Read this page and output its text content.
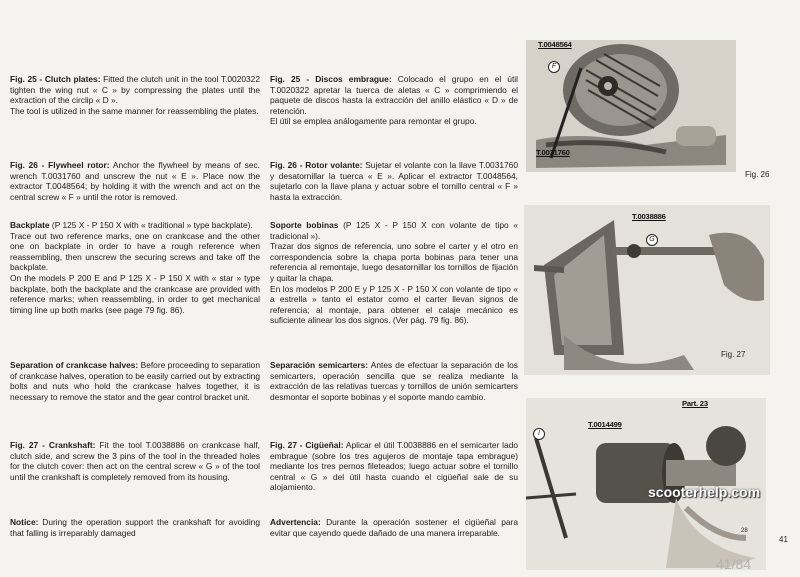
Fig. 25 - Clutch plates: Fitted the clutch unit in the tool T.0020322 tighten the wing nut « C » by compressing the plates until the extraction of the circlip « D ».
The tool is utilized in the same manner for reassembling the plates.

Fig. 26 - Flywheel rotor: Anchor the flywheel by means of sec. wrench T.0031760 and unscrew the nut « E ». Place now the extractor T.0048564; by holding it with the wrench and act on the central screw « F » until the rotor is removed.

Backplate (P 125 X - P 150 X with « traditional » type backplate).
Trace out two reference marks, one on crankcase and the other one on backplate in order to have a rough reference when reassembling, then unscrew the securing screws and take off the backplate.
On the models P 200 E and P 125 X - P 150 X with « star » type backplate, both the backplate and the crankcase are provided with reference marks; when reassembling, in order to get mechanical timing line up both marks (see page 79 fig. 86).

Separation of crankcase halves: Before proceeding to separation of crankcase halves, operation to be easily carried out by extracting bolts and nuts who hold the crankcase halves together, it is necessary to remove the stator and the gear control bracket unit.

Fig. 27 - Crankshaft: Fit the tool T.0038886 on crankcase half, clutch side, and screw the 3 pins of the tool in the threaded holes for the clutch cover: then act on the central screw « G » of the tool until the crankshaft is completely removed from its housing.

Notice: During the operation support the crankshaft for avoiding that falling is irreparably damaged

Fig. 25 - Discos embrague: Colocado el grupo en el útil T.0020322 apretar la tuerca de aletas « C » comprimiendo el paquete de discos hasta la extracción del anillo elástico « D » de retención.
El útil se emplea análogamente para remontar el grupo.

Fig. 26 - Rotor volante: Sujetar el volante con la llave T.0031760 y desatornillar la tuerca « E ». Aplicar el extractor T.0048564, sujetarlo con la llave plana y actuar sobre el tornillo central « F » hasta la extracción.

Soporte bobinas (P 125 X - P 150 X con volante de tipo « tradicional »).
Trazar dos signos de referencia, uno sobre el carter y el otro en correspondencia sobre la chapa porta bobinas para tener una referencia al remontaje, luego desatornillar los tornillos de fijación y quitar la chapa.
En los modelos P 200 E y P 125 X - P 150 X con volante de tipo « a estrella » tanto el estator como el carter llevan signos de referencia; al montaje, para obtener el calaje mecánico es suficiente alinear los dos signos. (Ver pág. 79 fig. 86).

Separación semicarters: Antes de efectuar la separación de los semicarters, operación sencilla que se realiza mediante la extracción de las relativas tuercas y tornillos de unión semicarters desmontar el soporte bobinas y el soporte mando cambio.

Fig. 27 - Cigüeñal: Aplicar el útil T.0038886 en el semicarter lado embrague (sobre los tres agujeros de montaje tapa embrague) mediante los tres pernos fileteados; luego actuar sobre el tornillo central « G » del útil hasta cuando el cigüeñal sale de su alojamiento.

Advertencia: Durante la operación sostener el cigüeñal para evitar que cayendo quede dañado de una manera irreparable.

T.0048564
T.0031760
F
Fig. 26
T.0038886
G
Fig. 27
T.0014499
Part. 23
I
28
scooterhelp.com
41
41/84
